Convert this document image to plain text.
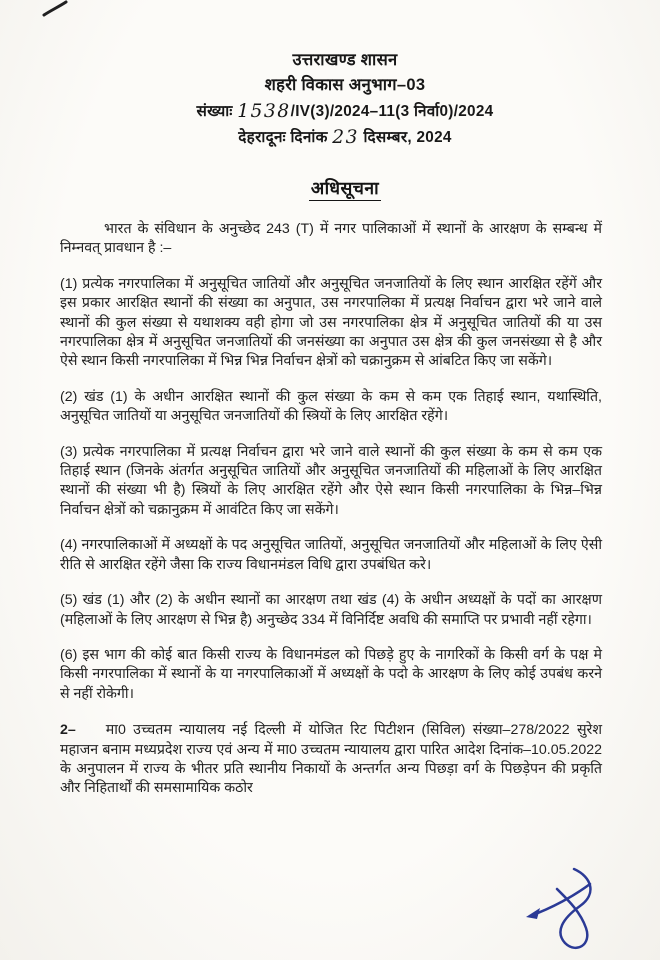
उत्तराखण्ड शासन
शहरी विकास अनुभाग–03
संख्याः 1538/IV(3)/2024–11(3 निर्वा0)/2024
देहरादूनः दिनांक 23 दिसम्बर, 2024
अधिसूचना

भारत के संविधान के अनुच्छेद 243 (T) में नगर पालिकाओं में स्थानों के आरक्षण के सम्बन्ध में निम्नवत् प्रावधान है :–

(1) प्रत्येक नगरपालिका में अनुसूचित जातियों और अनुसूचित जनजातियों के लिए स्थान आरक्षित रहेंगें और इस प्रकार आरक्षित स्थानों की संख्या का अनुपात, उस नगरपालिका में प्रत्यक्ष निर्वाचन द्वारा भरे जाने वाले स्थानों की कुल संख्या से यथाशक्य वही होगा जो उस नगरपालिका क्षेत्र में अनुसूचित जातियों की या उस नगरपालिका क्षेत्र में अनुसूचित जनजातियों की जनसंख्या का अनुपात उस क्षेत्र की कुल जनसंख्या से है और ऐसे स्थान किसी नगरपालिका में भिन्न भिन्न निर्वाचन क्षेत्रों को चक्रानुक्रम से आंबटित किए जा सकेंगे।

(2) खंड (1) के अधीन आरक्षित स्थानों की कुल संख्या के कम से कम एक तिहाई स्थान, यथास्थिति, अनुसूचित जातियों या अनुसूचित जनजातियों की स्त्रियों के लिए आरक्षित रहेंगे।

(3) प्रत्येक नगरपालिका में प्रत्यक्ष निर्वाचन द्वारा भरे जाने वाले स्थानों की कुल संख्या के कम से कम एक तिहाई स्थान (जिनके अंतर्गत अनुसूचित जातियों और अनुसूचित जनजातियों की महिलाओं के लिए आरक्षित स्थानों की संख्या भी है) स्त्रियों के लिए आरक्षित रहेंगे और ऐसे स्थान किसी नगरपालिका के भिन्न–भिन्न निर्वाचन क्षेत्रों को चक्रानुक्रम में आवंटित किए जा सकेंगे।

(4) नगरपालिकाओं में अध्यक्षों के पद अनुसूचित जातियों, अनुसूचित जनजातियों और महिलाओं के लिए ऐसी रीति से आरक्षित रहेंगे जैसा कि राज्य विधानमंडल विधि द्वारा उपबंधित करे।

(5) खंड (1) और (2) के अधीन स्थानों का आरक्षण तथा खंड (4) के अधीन अध्यक्षों के पदों का आरक्षण (महिलाओं के लिए आरक्षण से भिन्न है) अनुच्छेद 334 में विनिर्दिष्ट अवधि की समाप्ति पर प्रभावी नहीं रहेगा।

(6) इस भाग की कोई बात किसी राज्य के विधानमंडल को पिछड़े हुए के नागरिकों के किसी वर्ग के पक्ष मे किसी नगरपालिका में स्थानों के या नगरपालिकाओं में अध्यक्षों के पदो के आरक्षण के लिए कोई उपबंध करने से नहीं रोकेगी।

2– मा0 उच्चतम न्यायालय नई दिल्ली में योजित रिट पिटीशन (सिविल) संख्या–278/2022 सुरेश महाजन बनाम मध्यप्रदेश राज्य एवं अन्य में मा0 उच्चतम न्यायालय द्वारा पारित आदेश दिनांक–10.05.2022 के अनुपालन में राज्य के भीतर प्रति स्थानीय निकायों के अन्तर्गत अन्य पिछड़ा वर्ग के पिछड़ेपन की प्रकृति और निहितार्थों की समसामायिक कठोर
